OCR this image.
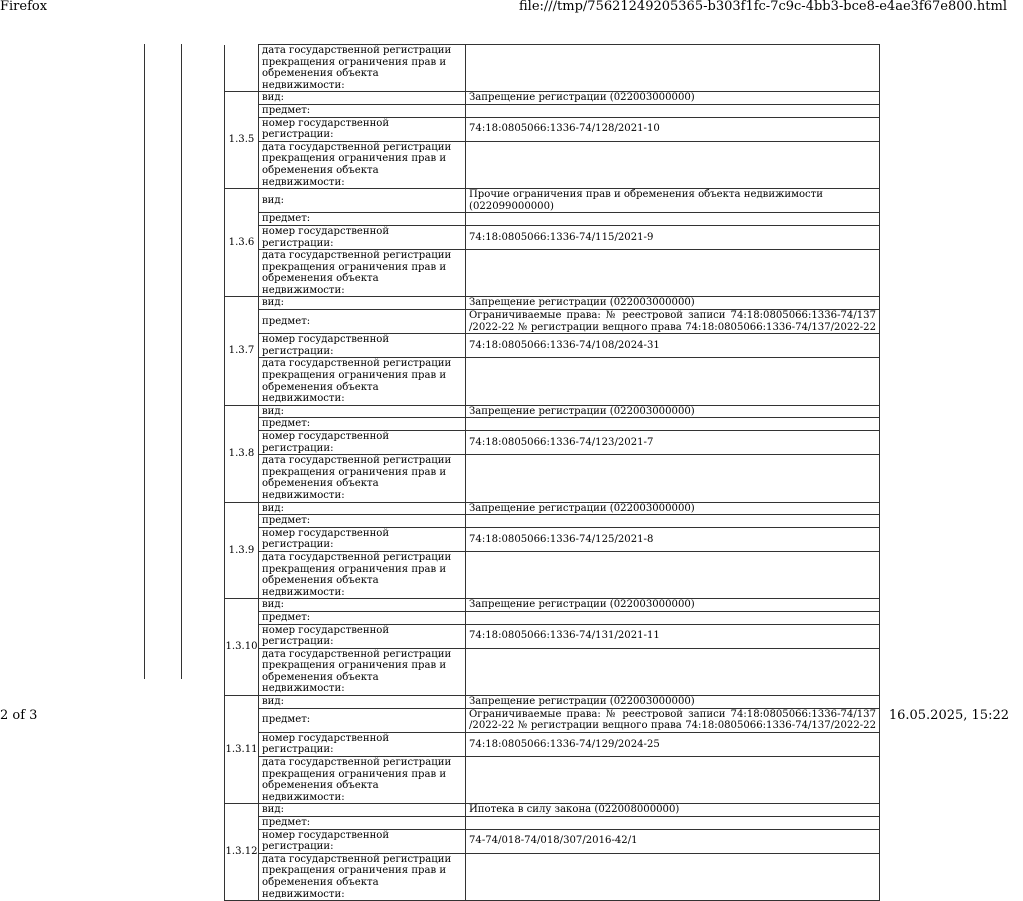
Firefox	file:///tmp/75621249205365-b303f1fc-7c9c-4bb3-bce8-e4ae3f67e800.html
	дата государственной регистрации прекращения ограничения прав и обременения объекта недвижимости:	
1.3.5	вид:	Запрещение регистрации (022003000000)
	предмет:	
	номер государственной регистрации:	74:18:0805066:1336-74/128/2021-10
	дата государственной регистрации прекращения ограничения прав и обременения объекта недвижимости:	
1.3.6	вид:	Прочие ограничения прав и обременения объекта недвижимости (022099000000)
	предмет:	
	номер государственной регистрации:	74:18:0805066:1336-74/115/2021-9
	дата государственной регистрации прекращения ограничения прав и обременения объекта недвижимости:	
1.3.7	вид:	Запрещение регистрации (022003000000)
	предмет:	Ограничиваемые права: № реестровой записи 74:18:0805066:1336-74/137 /2022-22 № регистрации вещного права 74:18:0805066:1336-74/137/2022-22
	номер государственной регистрации:	74:18:0805066:1336-74/108/2024-31
	дата государственной регистрации прекращения ограничения прав и обременения объекта недвижимости:	
1.3.8	вид:	Запрещение регистрации (022003000000)
	предмет:	
	номер государственной регистрации:	74:18:0805066:1336-74/123/2021-7
	дата государственной регистрации прекращения ограничения прав и обременения объекта недвижимости:	
1.3.9	вид:	Запрещение регистрации (022003000000)
	предмет:	
	номер государственной регистрации:	74:18:0805066:1336-74/125/2021-8
	дата государственной регистрации прекращения ограничения прав и обременения объекта недвижимости:	
1.3.10	вид:	Запрещение регистрации (022003000000)
	предмет:	
	номер государственной регистрации:	74:18:0805066:1336-74/131/2021-11
	дата государственной регистрации прекращения ограничения прав и обременения объекта недвижимости:	
1.3.11	вид:	Запрещение регистрации (022003000000)
	предмет:	Ограничиваемые права: № реестровой записи 74:18:0805066:1336-74/137 /2022-22 № регистрации вещного права 74:18:0805066:1336-74/137/2022-22
	номер государственной регистрации:	74:18:0805066:1336-74/129/2024-25
	дата государственной регистрации прекращения ограничения прав и обременения объекта недвижимости:	
1.3.12	вид:	Ипотека в силу закона (022008000000)
	предмет:	
	номер государственной регистрации:	74-74/018-74/018/307/2016-42/1
	дата государственной регистрации прекращения ограничения прав и обременения объекта недвижимости:	
2 of 3	16.05.2025, 15:22
